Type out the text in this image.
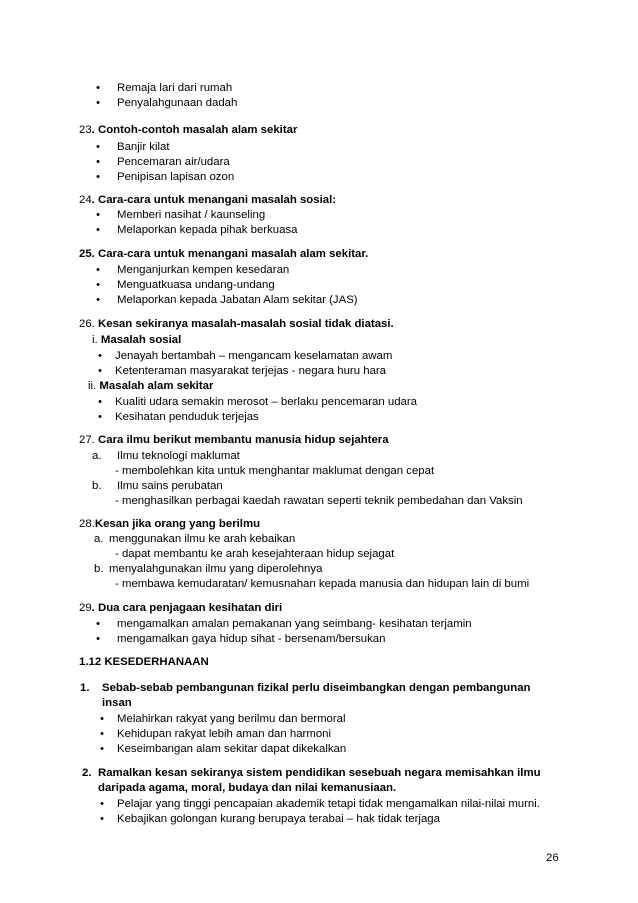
•	Remaja lari dari rumah
•	Penyalahgunaan dadah
23. Contoh-contoh masalah alam sekitar
•	Banjir kilat
•	Pencemaran air/udara
•	Penipisan lapisan ozon
24. Cara-cara untuk menangani masalah sosial:
•	Memberi nasihat / kaunseling
•	Melaporkan kepada pihak berkuasa
25. Cara-cara untuk menangani masalah alam sekitar.
•	Menganjurkan kempen kesedaran
•	Menguatkuasa undang-undang
•	Melaporkan kepada Jabatan Alam sekitar (JAS)
26. Kesan sekiranya masalah-masalah sosial tidak diatasi.
i. Masalah sosial
•	Jenayah bertambah – mengancam keselamatan awam
•	Ketenteraman masyarakat terjejas - negara huru hara
ii. Masalah alam sekitar
•	Kualiti udara semakin merosot – berlaku pencemaran udara
•	Kesihatan penduduk terjejas
27. Cara ilmu berikut membantu manusia hidup sejahtera
a. Ilmu teknologi maklumat
- membolehkan kita untuk menghantar maklumat dengan cepat
b. Ilmu sains perubatan
- menghasilkan perbagai kaedah rawatan seperti teknik pembedahan dan Vaksin
28.Kesan jika orang yang berilmu
a. menggunakan ilmu ke arah kebaikan
- dapat membantu ke arah kesejahteraan hidup sejagat
b. menyalahgunakan ilmu yang diperolehnya
- membawa kemudaratan/ kemusnahan kepada manusia dan hidupan lain di bumi
29. Dua cara penjagaan kesihatan diri
•	mengamalkan amalan pemakanan yang seimbang- kesihatan terjamin
•	mengamalkan gaya hidup sihat - bersenam/bersukan
1.12 KESEDERHANAAN
1. Sebab-sebab pembangunan fizikal perlu diseimbangkan dengan pembangunan
insan
•	Melahirkan rakyat yang berilmu dan bermoral
•	Kehidupan rakyat lebih aman dan harmoni
•	Keseimbangan alam sekitar dapat dikekalkan
2. Ramalkan kesan sekiranya sistem pendidikan sesebuah negara memisahkan ilmu
daripada agama, moral, budaya dan nilai kemanusiaan.
•	Pelajar yang tinggi pencapaian akademik tetapi tidak mengamalkan nilai-nilai murni.
•	Kebajikan golongan kurang berupaya terabai – hak tidak terjaga
26
